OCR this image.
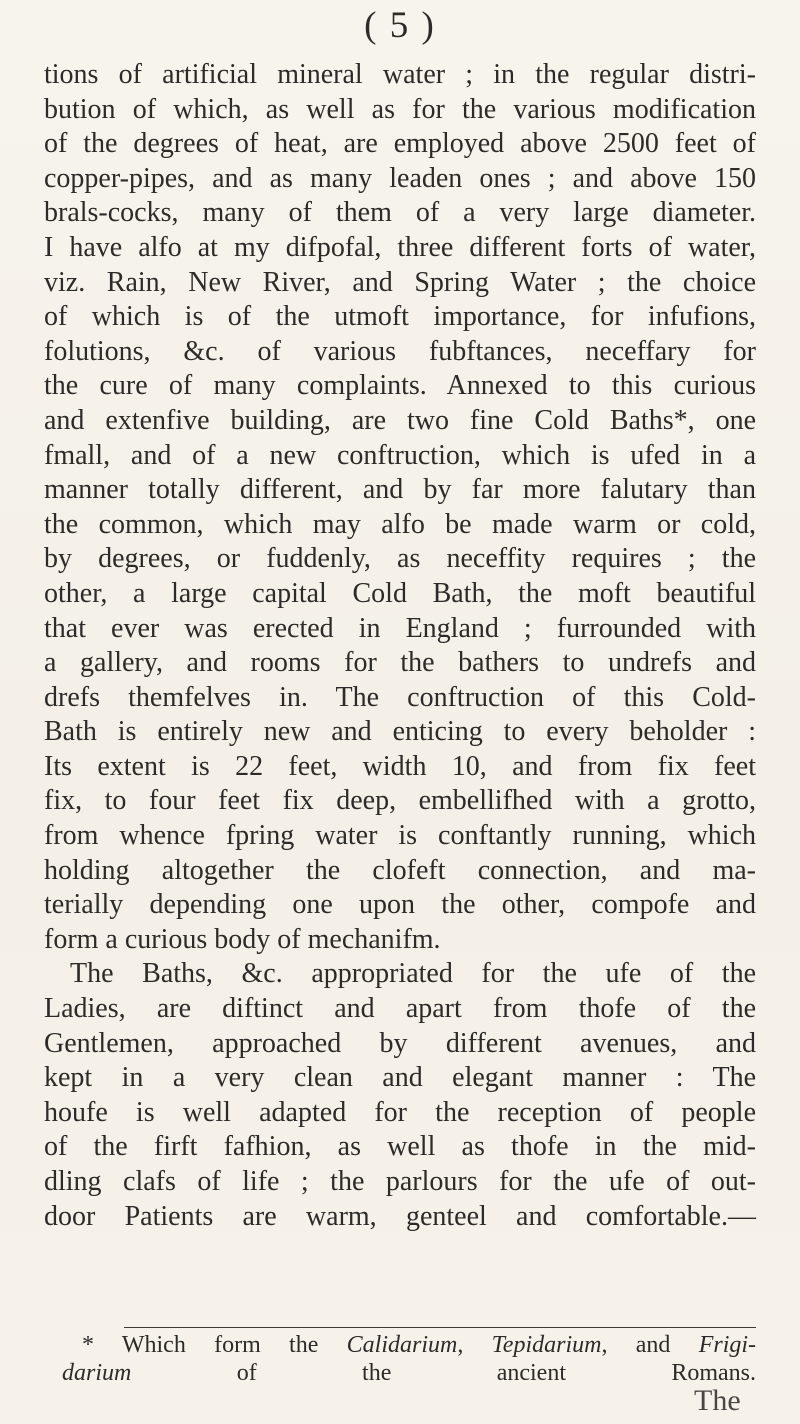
( 5 )
tions of artificial mineral water ; in the regular distri-
bution of which, as well as for the various modification
of the degrees of heat, are employed above 2500 feet of
copper-pipes, and as many leaden ones ; and above 150
brals-cocks, many of them of a very large diameter.
I have alfo at my difpofal, three different forts of water,
viz. Rain, New River, and Spring Water ; the choice
of which is of the utmoft importance, for infufions,
folutions, &c. of various fubftances, neceffary for
the cure of many complaints. Annexed to this curious
and extenfive building, are two fine Cold Baths*, one
fmall, and of a new conftruction, which is ufed in a
manner totally different, and by far more falutary than
the common, which may alfo be made warm or cold,
by degrees, or fuddenly, as neceffity requires ; the
other, a large capital Cold Bath, the moft beautiful
that ever was erected in England ; furrounded with
a gallery, and rooms for the bathers to undrefs and
drefs themfelves in. The conftruction of this Cold-
Bath is entirely new and enticing to every beholder :
Its extent is 22 feet, width 10, and from fix feet
fix, to four feet fix deep, embellifhed with a grotto,
from whence fpring water is conftantly running, which
holding altogether the clofeft connection, and ma-
terially depending one upon the other, compofe and
form a curious body of mechanifm.
The Baths, &c. appropriated for the ufe of the
Ladies, are diftinct and apart from thofe of the
Gentlemen, approached by different avenues, and
kept in a very clean and elegant manner : The
houfe is well adapted for the reception of people
of the firft fafhion, as well as thofe in the mid-
dling clafs of life ; the parlours for the ufe of out-
door Patients are warm, genteel and comfortable.—
* Which form the Calidarium, Tepidarium, and Frigi-
darium of the ancient Romans.
The
